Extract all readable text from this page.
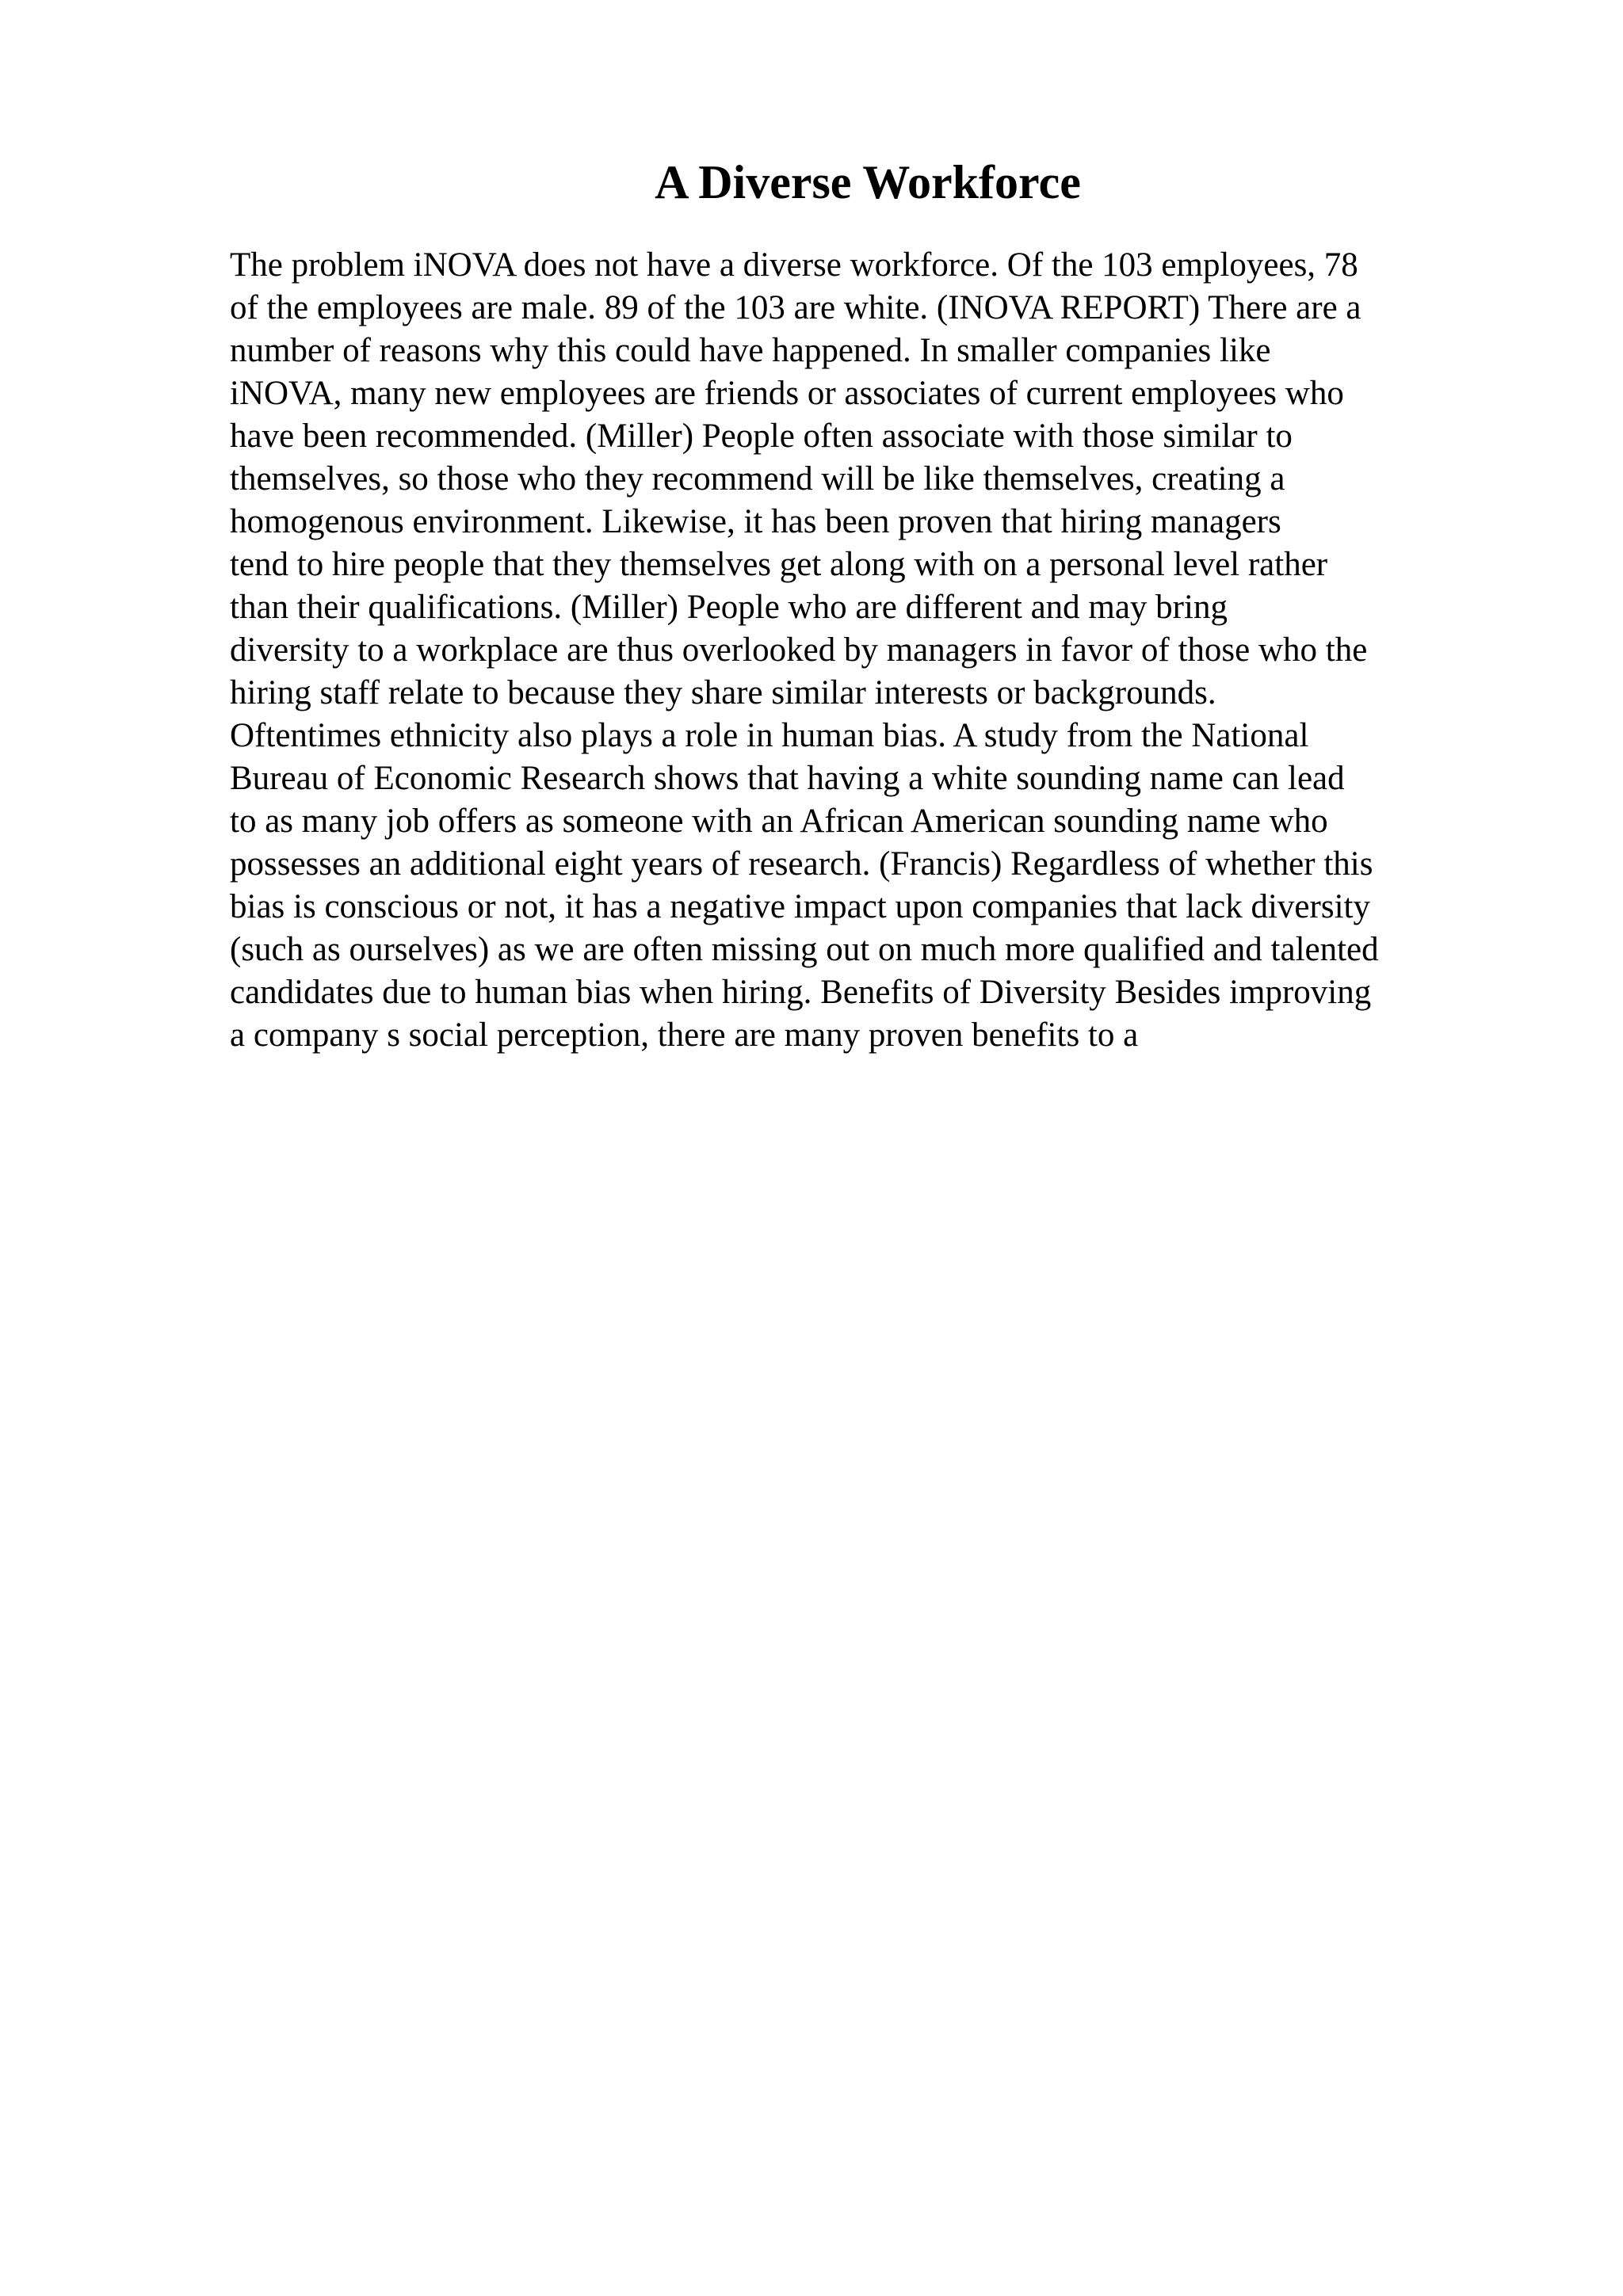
A Diverse Workforce
The problem iNOVA does not have a diverse workforce. Of the 103 employees, 78
of the employees are male. 89 of the 103 are white. (INOVA REPORT) There are a
number of reasons why this could have happened. In smaller companies like
iNOVA, many new employees are friends or associates of current employees who
have been recommended. (Miller) People often associate with those similar to
themselves, so those who they recommend will be like themselves, creating a
homogenous environment. Likewise, it has been proven that hiring managers
tend to hire people that they themselves get along with on a personal level rather
than their qualifications. (Miller) People who are different and may bring
diversity to a workplace are thus overlooked by managers in favor of those who the
hiring staff relate to because they share similar interests or backgrounds.
Oftentimes ethnicity also plays a role in human bias. A study from the National
Bureau of Economic Research shows that having a white sounding name can lead
to as many job offers as someone with an African American sounding name who
possesses an additional eight years of research. (Francis) Regardless of whether this
bias is conscious or not, it has a negative impact upon companies that lack diversity
(such as ourselves) as we are often missing out on much more qualified and talented
candidates due to human bias when hiring. Benefits of Diversity Besides improving
a company s social perception, there are many proven benefits to a
